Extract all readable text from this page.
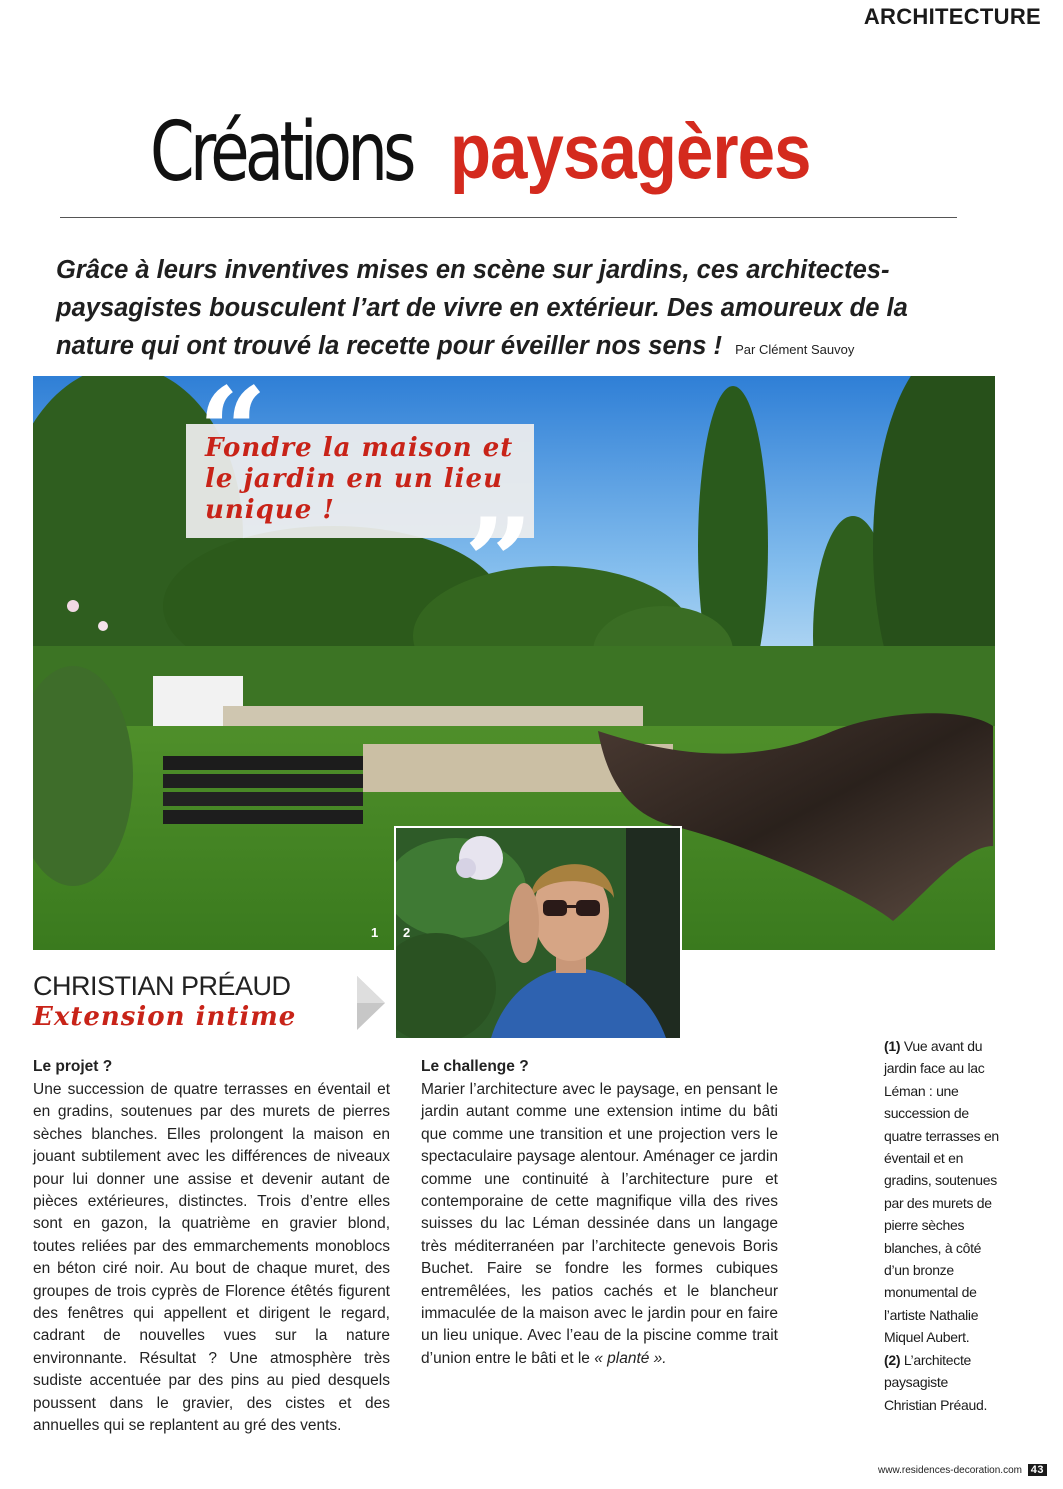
ARCHITECTURE
Créations paysagères
Grâce à leurs inventives mises en scène sur jardins, ces architectes-paysagistes bousculent l’art de vivre en extérieur. Des amoureux de la nature qui ont trouvé la recette pour éveiller nos sens ! Par Clément Sauvoy
“
Fondre la maison et le jardin en un lieu unique !	”
1 2
CHRISTIAN PRÉAUD
Extension intime
Le projet ?
Une succession de quatre terrasses en éventail et en gradins, soutenues par des murets de pierres sèches blanches. Elles prolongent la maison en jouant subtilement avec les différences de niveaux pour lui donner une assise et devenir autant de pièces extérieures, distinctes. Trois d’entre elles sont en gazon, la quatrième en gravier blond, toutes reliées par des emmarchements monoblocs en béton ciré noir. Au bout de chaque muret, des groupes de trois cyprès de Florence étêtés figurent des fenêtres qui appellent et dirigent le regard, cadrant de nouvelles vues sur la nature environnante. Résultat ? Une atmosphère très sudiste accentuée par des pins au pied desquels poussent dans le gravier, des cistes et des annuelles qui se replantent au gré des vents.
Le challenge ?
Marier l’architecture avec le paysage, en pensant le jardin autant comme une extension intime du bâti que comme une transition et une projection vers le spectaculaire paysage alentour. Aménager ce jardin comme une continuité à l’architecture pure et contemporaine de cette magnifique villa des rives suisses du lac Léman dessinée dans un langage très méditerranéen par l’architecte genevois Boris Buchet. Faire se fondre les formes cubiques entremêlées, les patios cachés et le blancheur immaculée de la maison avec le jardin pour en faire un lieu unique. Avec l’eau de la piscine comme trait d’union entre le bâti et le « planté ».
(1) Vue avant du jardin face au lac Léman : une succession de quatre terrasses en éventail et en gradins, soutenues par des murets de pierre sèches blanches, à côté d’un bronze monumental de l’artiste Nathalie Miquel Aubert.
(2) L’architecte paysagiste Christian Préaud.
www.residences-decoration.com 43
